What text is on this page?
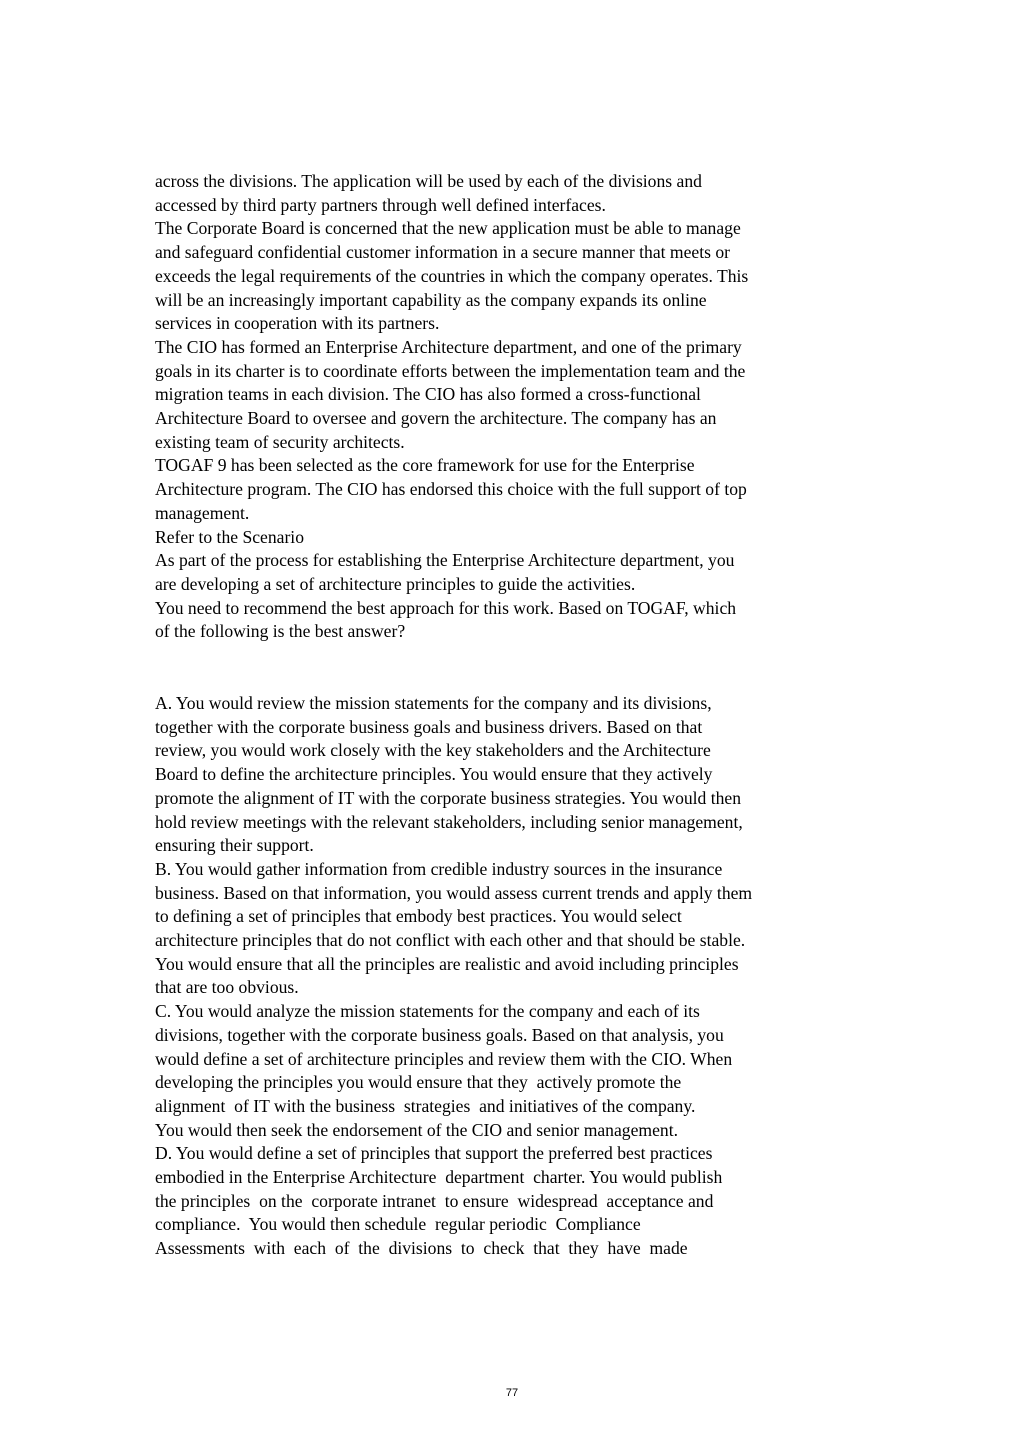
across the divisions. The application will be used by each of the divisions and
accessed by third party partners through well defined interfaces.
The Corporate Board is concerned that the new application must be able to manage
and safeguard confidential customer information in a secure manner that meets or
exceeds the legal requirements of the countries in which the company operates. This
will be an increasingly important capability as the company expands its online
services in cooperation with its partners.
The CIO has formed an Enterprise Architecture department, and one of the primary
goals in its charter is to coordinate efforts between the implementation team and the
migration teams in each division. The CIO has also formed a cross-functional
Architecture Board to oversee and govern the architecture. The company has an
existing team of security architects.
TOGAF 9 has been selected as the core framework for use for the Enterprise
Architecture program. The CIO has endorsed this choice with the full support of top
management.
Refer to the Scenario
As part of the process for establishing the Enterprise Architecture department, you
are developing a set of architecture principles to guide the activities.
You need to recommend the best approach for this work. Based on TOGAF, which
of the following is the best answer?
A. You would review the mission statements for the company and its divisions,
together with the corporate business goals and business drivers. Based on that
review, you would work closely with the key stakeholders and the Architecture
Board to define the architecture principles. You would ensure that they actively
promote the alignment of IT with the corporate business strategies. You would then
hold review meetings with the relevant stakeholders, including senior management,
ensuring their support.
B. You would gather information from credible industry sources in the insurance
business. Based on that information, you would assess current trends and apply them
to defining a set of principles that embody best practices. You would select
architecture principles that do not conflict with each other and that should be stable.
You would ensure that all the principles are realistic and avoid including principles
that are too obvious.
C. You would analyze the mission statements for the company and each of its
divisions, together with the corporate business goals. Based on that analysis, you
would define a set of architecture principles and review them with the CIO. When
developing the principles you would ensure that they  actively promote the
alignment  of IT with the business  strategies  and initiatives of the company.
You would then seek the endorsement of the CIO and senior management.
D. You would define a set of principles that support the preferred best practices
embodied in the Enterprise Architecture  department  charter. You would publish
the principles  on the  corporate intranet  to ensure  widespread  acceptance and
compliance.  You would then schedule  regular periodic  Compliance
Assessments  with  each  of  the  divisions  to  check  that  they  have  made
77
